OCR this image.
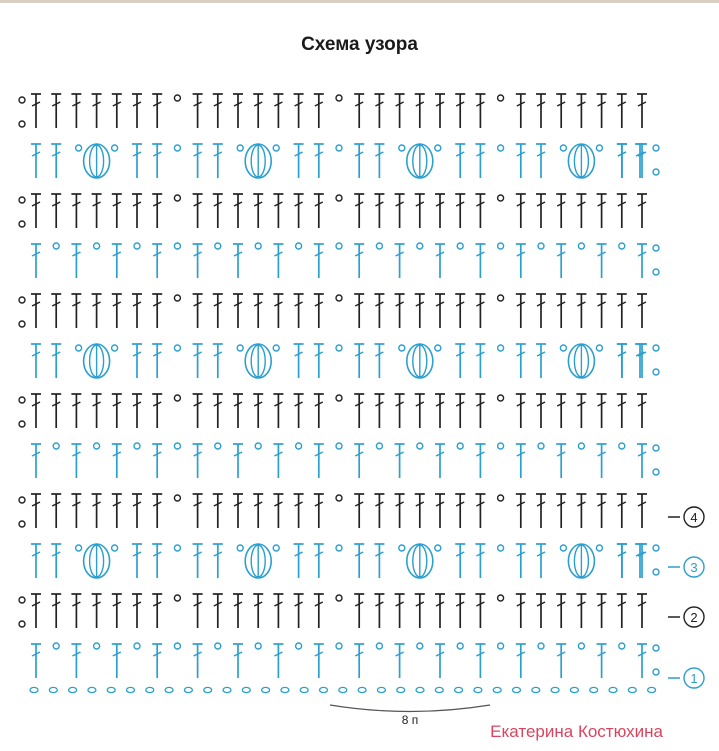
Схема узора
8 п
1
2
3
4
Екатерина Костюхина
